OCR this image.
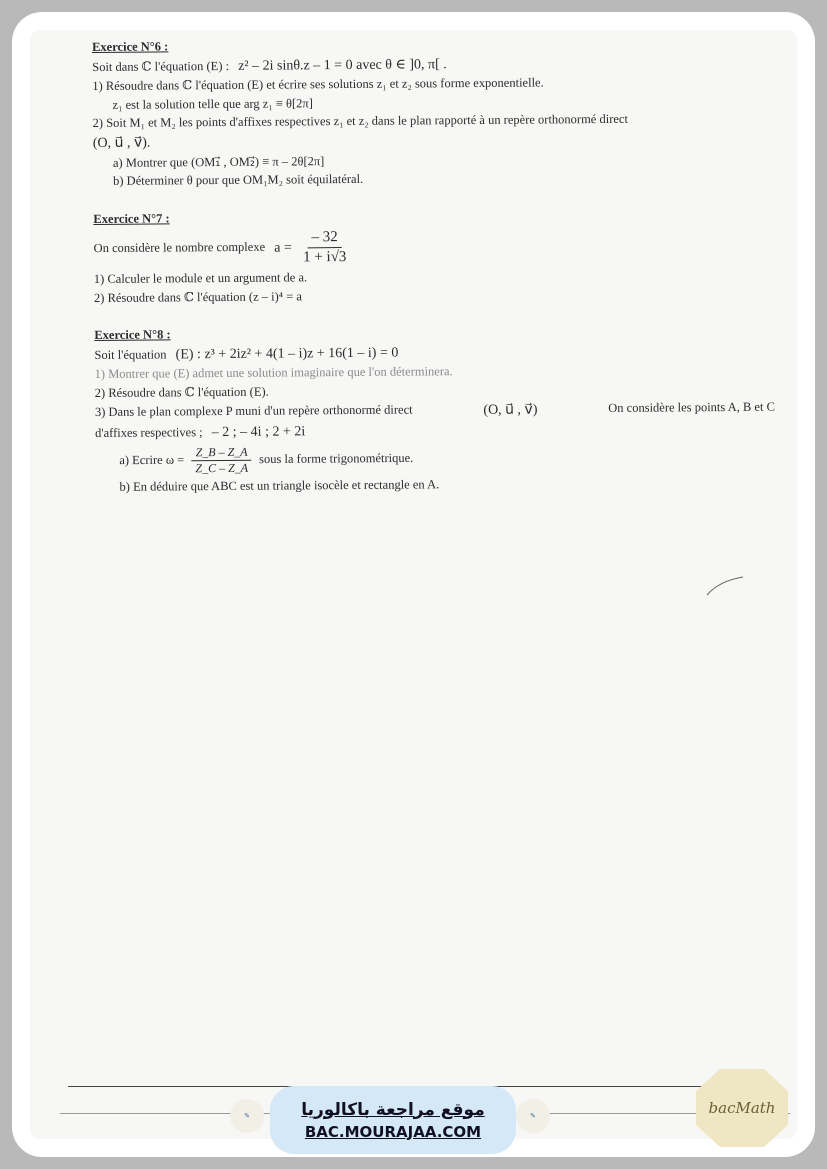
Exercice N°6 :
Soit dans ℂ l'équation (E) : z² – 2i sinθ.z – 1 = 0 avec θ ∈ ]0, π[ .
1) Résoudre dans ℂ l'équation (E) et écrire ses solutions z₁ et z₂ sous forme exponentielle.
z₁ est la solution telle que arg z₁ ≡ θ[2π]
2) Soit M₁ et M₂ les points d'affixes respectives z₁ et z₂ dans le plan rapporté à un repère orthonormé direct
(O, u⃗ , v⃗).
a) Montrer que (OM₁⃗ , OM₂⃗) ≡ π – 2θ[2π]
b) Déterminer θ pour que OM₁M₂ soit équilatéral.
Exercice N°7 :
On considère le nombre complexe $a = \frac{- 32}{1 + i√3}$
1) Calculer le module et un argument de a.
2) Résoudre dans ℂ l'équation (z – i)⁴ = a
Exercice N°8 :
Soit l'équation (E) : z³ + 2iz² + 4(1 – i)z + 16(1 – i) = 0
1) Montrer que (E) admet une solution imaginaire que l'on déterminera.
2) Résoudre dans ℂ l'équation (E).
3) Dans le plan complexe P muni d'un repère orthonormé direct	(O, u⃗ , v⃗)	On considère les points A, B et C
d'affixes respectives ; – 2 ; – 4i ; 2 + 2i
a) Ecrire $\omega = \frac{Z\_B - Z\_A}{Z\_C - Z\_A}$ sous la forme trigonométrique.
b) En déduire que ABC est un triangle isocèle et rectangle en A.
✎	موقع مراجعة باكالوريا
BAC.MOURAJAA.COM
✎	bacMath
